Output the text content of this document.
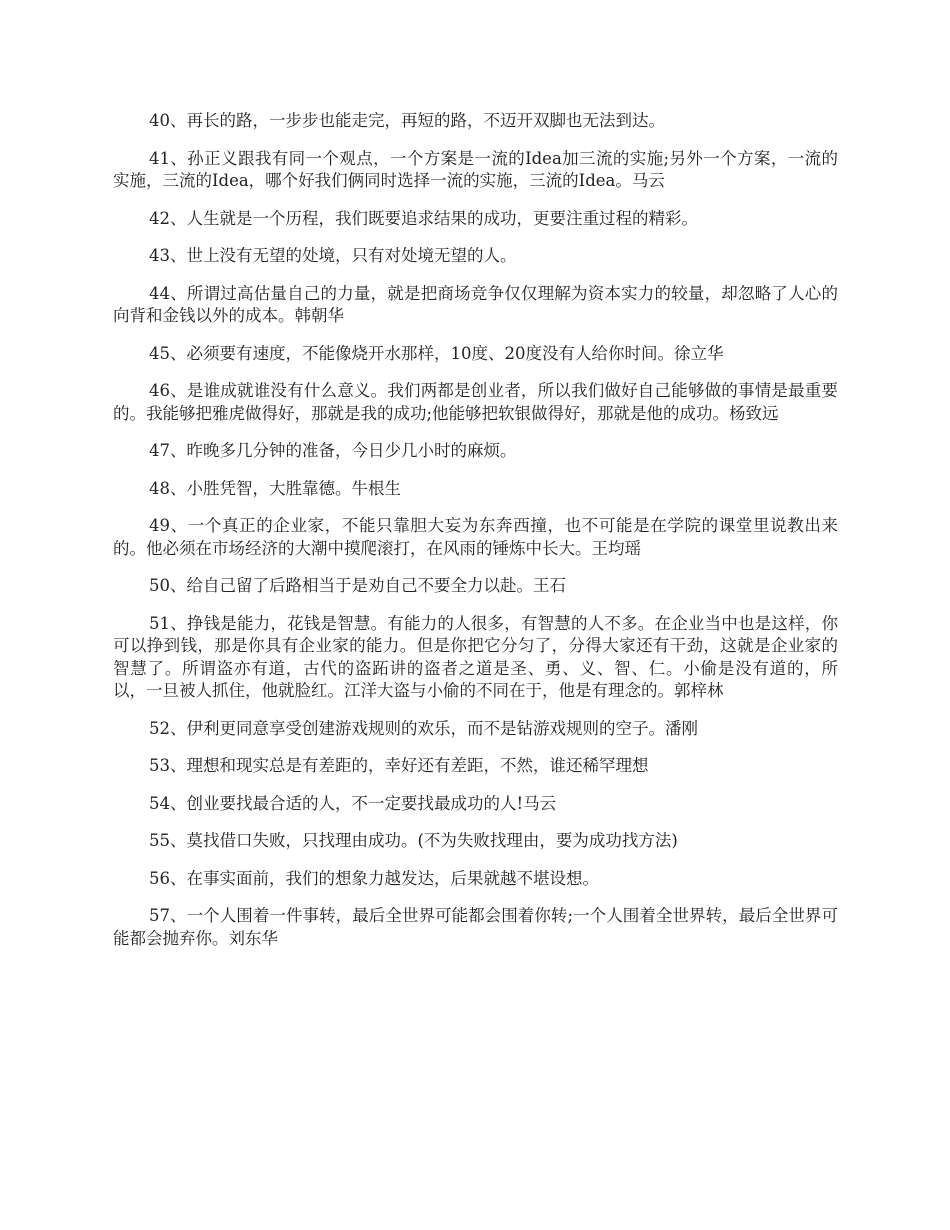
40、再长的路，一步步也能走完，再短的路，不迈开双脚也无法到达。

41、孙正义跟我有同一个观点，一个方案是一流的Idea加三流的实施;另外一个方案，一流的实施，三流的Idea，哪个好我们俩同时选择一流的实施，三流的Idea。马云

42、人生就是一个历程，我们既要追求结果的成功，更要注重过程的精彩。

43、世上没有无望的处境，只有对处境无望的人。

44、所谓过高估量自己的力量，就是把商场竞争仅仅理解为资本实力的较量，却忽略了人心的向背和金钱以外的成本。韩朝华

45、必须要有速度，不能像烧开水那样，10度、20度没有人给你时间。徐立华

46、是谁成就谁没有什么意义。我们两都是创业者，所以我们做好自己能够做的事情是最重要的。我能够把雅虎做得好，那就是我的成功;他能够把软银做得好，那就是他的成功。杨致远

47、昨晚多几分钟的准备，今日少几小时的麻烦。

48、小胜凭智，大胜靠德。牛根生

49、一个真正的企业家，不能只靠胆大妄为东奔西撞，也不可能是在学院的课堂里说教出来的。他必须在市场经济的大潮中摸爬滚打，在风雨的锤炼中长大。王均瑶

50、给自己留了后路相当于是劝自己不要全力以赴。王石

51、挣钱是能力，花钱是智慧。有能力的人很多，有智慧的人不多。在企业当中也是这样，你可以挣到钱，那是你具有企业家的能力。但是你把它分匀了，分得大家还有干劲，这就是企业家的智慧了。所谓盗亦有道，古代的盗跖讲的盗者之道是圣、勇、义、智、仁。小偷是没有道的，所以，一旦被人抓住，他就脸红。江洋大盗与小偷的不同在于，他是有理念的。郭梓林

52、伊利更同意享受创建游戏规则的欢乐，而不是钻游戏规则的空子。潘刚

53、理想和现实总是有差距的，幸好还有差距，不然，谁还稀罕理想

54、创业要找最合适的人，不一定要找最成功的人!马云

55、莫找借口失败，只找理由成功。(不为失败找理由，要为成功找方法)

56、在事实面前，我们的想象力越发达，后果就越不堪设想。

57、一个人围着一件事转，最后全世界可能都会围着你转;一个人围着全世界转，最后全世界可能都会抛弃你。刘东华
